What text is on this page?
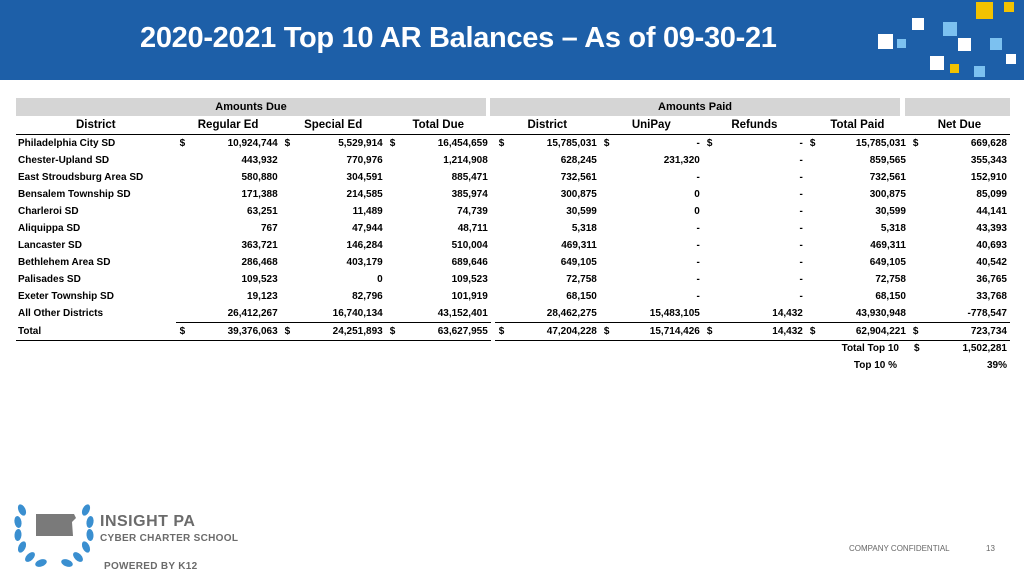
2020-2021 Top 10 AR Balances – As of 09-30-21
Amounts Due	Amounts Paid
District	Regular Ed		Special Ed		Total Due			District		UniPay		Refunds		Total Paid		Net Due	
Philadelphia City SD	$	10,924,744	$	5,529,914	$	16,454,659		$	15,785,031	$	-	$	-	$	15,785,031	$	669,628
Chester-Upland SD		443,932		770,976		1,214,908			628,245		231,320		-		859,565		355,343
East Stroudsburg Area SD		580,880		304,591		885,471			732,561		-		-		732,561		152,910
Bensalem Township SD		171,388		214,585		385,974			300,875		0		-		300,875		85,099
Charleroi SD		63,251		11,489		74,739			30,599		0		-		30,599		44,141
Aliquippa SD		767		47,944		48,711			5,318		-		-		5,318		43,393
Lancaster SD		363,721		146,284		510,004			469,311		-		-		469,311		40,693
Bethlehem Area SD		286,468		403,179		689,646			649,105		-		-		649,105		40,542
Palisades SD		109,523		0		109,523			72,758		-		-		72,758		36,765
Exeter Township SD		19,123		82,796		101,919			68,150		-		-		68,150		33,768
All Other Districts		26,412,267		16,740,134		43,152,401			28,462,275		15,483,105		14,432		43,930,948		-778,547
Total	$	39,376,063	$	24,251,893	$	63,627,955		$	47,204,228	$	15,714,426	$	14,432	$	62,904,221	$	723,734
Total Top 10 $	1,502,281
Top 10 %	39%
INSIGHT PA
CYBER CHARTER SCHOOL
POWERED BY K12
COMPANY CONFIDENTIAL	13
